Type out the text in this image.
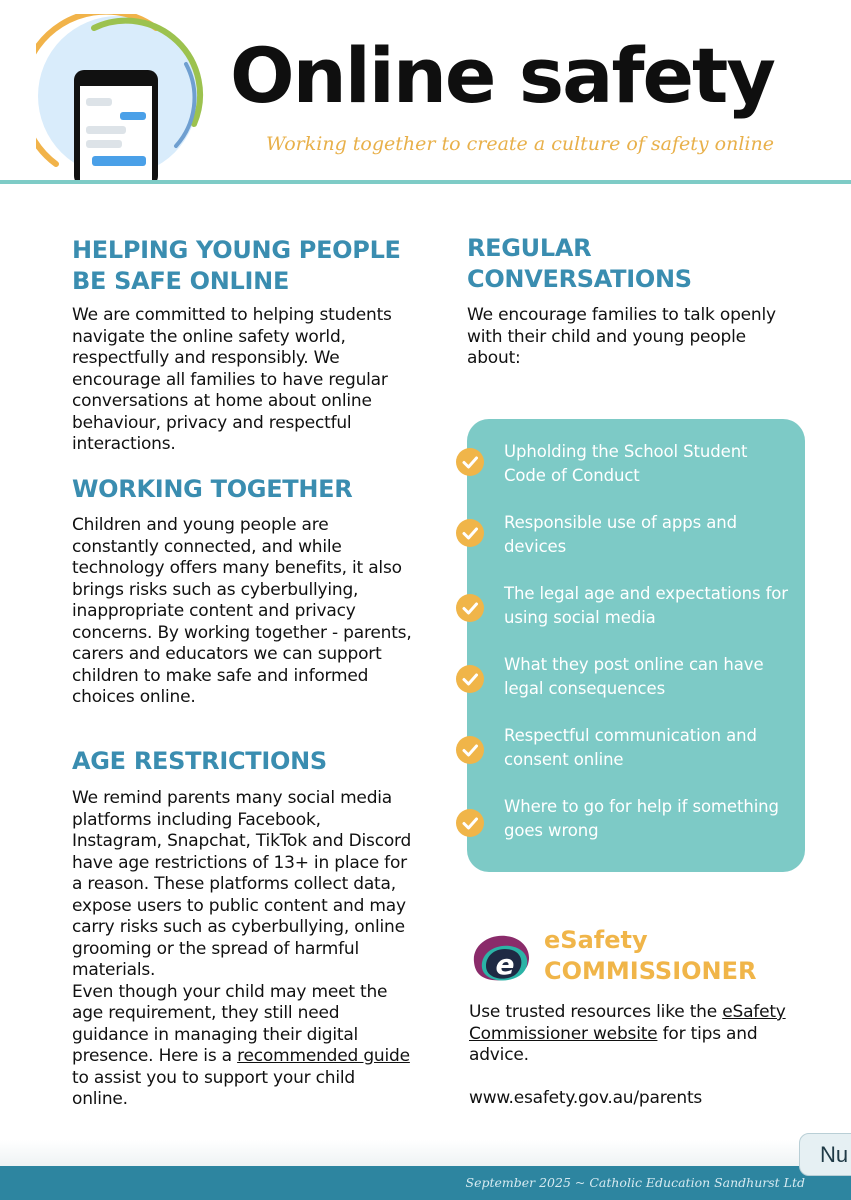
Online safety
Working together to create a culture of safety online
HELPING YOUNG PEOPLE BE SAFE ONLINE
We are committed to helping students navigate the online safety world, respectfully and responsibly. We encourage all families to have regular conversations at home about online behaviour, privacy and respectful interactions.
WORKING TOGETHER
Children and young people are constantly connected, and while technology offers many benefits, it also brings risks such as cyberbullying, inappropriate content and privacy concerns. By working together - parents, carers and educators we can support children to make safe and informed choices online.
AGE RESTRICTIONS
We remind parents many social media platforms including Facebook, Instagram, Snapchat, TikTok and Discord have age restrictions of 13+ in place for a reason. These platforms collect data, expose users to public content and may carry risks such as cyberbullying, online grooming or the spread of harmful materials.
Even though your child may meet the age requirement, they still need guidance in managing their digital presence. Here is a recommended guide to assist you to support your child online.
REGULAR CONVERSATIONS
We encourage families to talk openly with their child and young people about:
Upholding the School Student Code of Conduct
Responsible use of apps and devices
The legal age and expectations for using social media
What they post online can have legal consequences
Respectful communication and consent online
Where to go for help if something goes wrong
e
eSafety
COMMISSIONER
Use trusted resources like the eSafety Commissioner website for tips and advice.
www.esafety.gov.au/parents
September 2025 ~ Catholic Education Sandhurst Ltd
Nu
